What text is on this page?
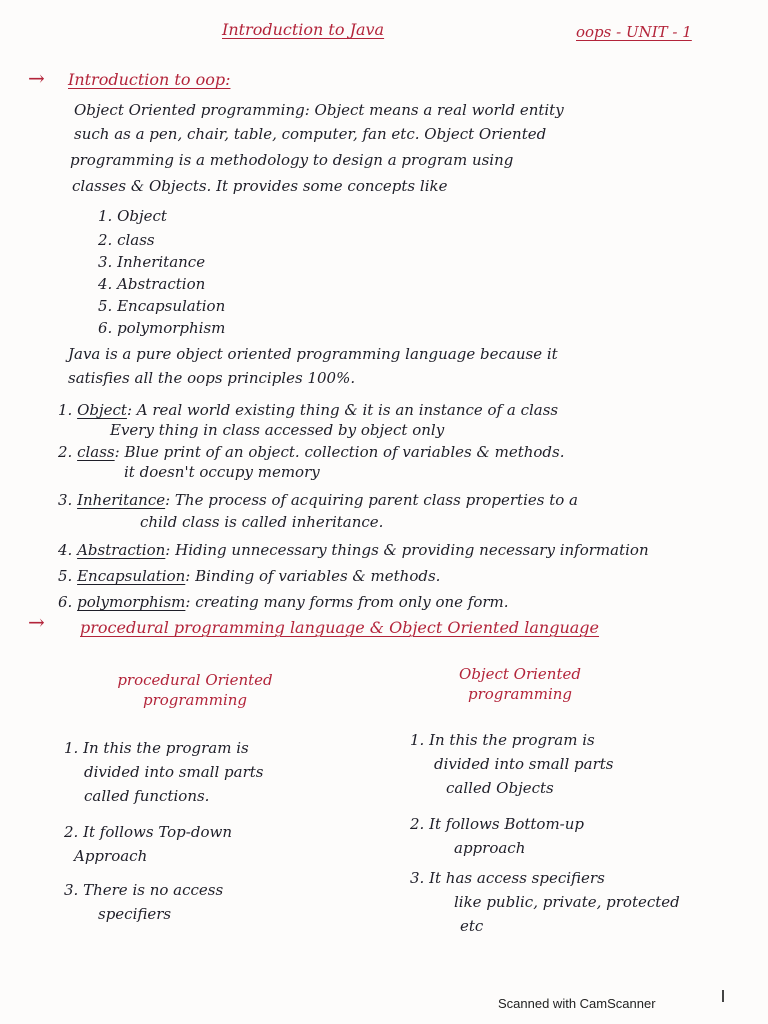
Introduction to Java	oops - UNIT - 1
→ Introduction to oop:
Object Oriented programming: Object means a real world entity
such as a pen, chair, table, computer, fan etc. Object Oriented
programming is a methodology to design a program using
classes & Objects. It provides some concepts like
1. Object
2. class
3. Inheritance
4. Abstraction
5. Encapsulation
6. polymorphism
Java is a pure object oriented programming language because it
satisfies all the oops principles 100%.
1. Object: A real world existing thing & it is an instance of a class
Every thing in class accessed by object only
2. class: Blue print of an object. collection of variables & methods.
it doesn't occupy memory
3. Inheritance: The process of acquiring parent class properties to a
child class is called inheritance.
4. Abstraction: Hiding unnecessary things & providing necessary information
5. Encapsulation: Binding of variables & methods.
6. polymorphism: creating many forms from only one form.
→ procedural programming language & Object Oriented language
procedural Oriented
programming
Object Oriented
programming
1. In this the program is
divided into small parts
called functions.
2. It follows Top-down
Approach
3. There is no access
specifiers
1. In this the program is
divided into small parts
called Objects
2. It follows Bottom-up
approach
3. It has access specifiers
like public, private, protected
etc
Scanned with CamScanner
